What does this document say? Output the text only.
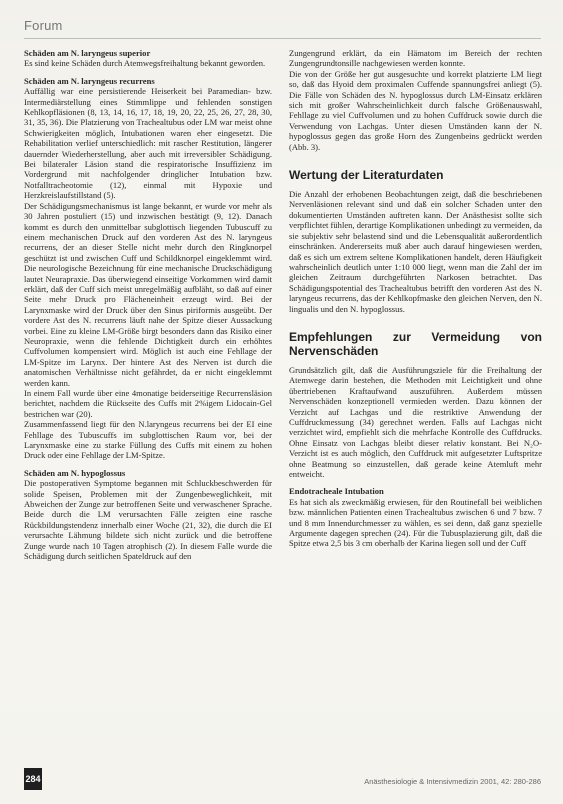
Forum

Schäden am N. laryngeus superior

Es sind keine Schäden durch Atemwegsfreihaltung bekannt geworden.

Schäden am N. laryngeus recurrens

Auffällig war eine persistierende Heiserkeit bei Paramedian- bzw. Intermediärstellung eines Stimmlippe und fehlenden sonstigen Kehlkopfläsionen (8, 13, 14, 16, 17, 18, 19, 20, 22, 25, 26, 27, 28, 30, 31, 35, 36). Die Platzierung von Trachealtubus oder LM war meist ohne Schwierigkeiten möglich, Intubationen waren eher eingesetzt. Die Rehabilitation verlief unterschiedlich: mit rascher Restitution, längerer dauernder Wiederherstellung, aber auch mit irreversibler Schädigung. Bei bilateraler Läsion stand die respiratorische Insuffizienz im Vordergrund mit nachfolgender dringlicher Intubation bzw. Notfalltracheotomie (12), einmal mit Hypoxie und Herzkreislaufstillstand (5).

Der Schädigungsmechanismus ist lange bekannt, er wurde vor mehr als 30 Jahren postuliert (15) und inzwischen bestätigt (9, 12). Danach kommt es durch den unmittelbar subglottisch liegenden Tubuscuff zu einem mechanischen Druck auf den vorderen Ast des N. laryngeus recurrens, der an dieser Stelle nicht mehr durch den Ringknorpel geschützt ist und zwischen Cuff und Schildknorpel eingeklemmt wird. Die neurologische Bezeichnung für eine mechanische Druckschädigung lautet Neurapraxie. Das überwiegend einseitige Vorkommen wird damit erklärt, daß der Cuff sich meist unregelmäßig aufbläht, so daß auf einer Seite mehr Druck pro Flächeneinheit erzeugt wird. Bei der Larynxmaske wird der Druck über den Sinus piriformis ausgeübt. Der vordere Ast des N. recurrens läuft nahe der Spitze dieser Aussackung vorbei. Eine zu kleine LM-Größe birgt besonders dann das Risiko einer Neuropraxie, wenn die fehlende Dichtigkeit durch ein erhöhtes Cuffvolumen kompensiert wird. Möglich ist auch eine Fehllage der LM-Spitze im Larynx. Der hintere Ast des Nerven ist durch die anatomischen Verhältnisse nicht gefährdet, da er nicht eingeklemmt werden kann.

In einem Fall wurde über eine 4monatige beiderseitige Recurrensläsion berichtet, nachdem die Rückseite des Cuffs mit 2%igem Lidocain-Gel bestrichen war (20).

Zusammenfassend liegt für den N.laryngeus recurrens bei der EI eine Fehllage des Tubuscuffs im subglottischen Raum vor, bei der Larynxmaske eine zu starke Füllung des Cuffs mit einem zu hohen Druck oder eine Fehllage der LM-Spitze.

Schäden am N. hypoglossus

Die postoperativen Symptome begannen mit Schluckbeschwerden für solide Speisen, Problemen mit der Zungenbeweglichkeit, mit Abweichen der Zunge zur betroffenen Seite und verwaschener Sprache. Beide durch die LM verursachten Fälle zeigten eine rasche Rückbildungstendenz innerhalb einer Woche (21, 32), die durch die EI verursachte Lähmung bildete sich nicht zurück und die betroffene Zunge wurde nach 10 Tagen atrophisch (2). In diesem Falle wurde die Schädigung durch seitlichen Spateldruck auf den

Zungengrund erklärt, da ein Hämatom im Bereich der rechten Zungengrundtonsille nachgewiesen werden konnte.

Die von der Größe her gut ausgesuchte und korrekt platzierte LM liegt so, daß das Hyoid dem proximalen Cuffende spannungsfrei anliegt (5). Die Fälle von Schäden des N. hypoglossus durch LM-Einsatz erklären sich mit großer Wahrscheinlichkeit durch falsche Größenauswahl, Fehllage zu viel Cuffvolumen und zu hohen Cuffdruck sowie durch die Verwendung von Lachgas. Unter diesen Umständen kann der N. hypoglossus gegen das große Horn des Zungenbeins gedrückt werden (Abb. 3).

Wertung der Literaturdaten

Die Anzahl der erhobenen Beobachtungen zeigt, daß die beschriebenen Nervenläsionen relevant sind und daß ein solcher Schaden unter den dokumentierten Umständen auftreten kann. Der Anästhesist sollte sich verpflichtet fühlen, derartige Komplikationen unbedingt zu vermeiden, da sie subjektiv sehr belastend sind und die Lebensqualität außerordentlich einschränken. Andererseits muß aber auch darauf hingewiesen werden, daß es sich um extrem seltene Komplikationen handelt, deren Häufigkeit wahrscheinlich deutlich unter 1:10 000 liegt, wenn man die Zahl der im gleichen Zeitraum durchgeführten Narkosen betrachtet. Das Schädigungspotential des Trachealtubus betrifft den vorderen Ast des N. laryngeus recurrens, das der Kehlkopfmaske den gleichen Nerven, den N. lingualis und den N. hypoglossus.

Empfehlungen zur Vermeidung von Nervenschäden

Grundsätzlich gilt, daß die Ausführungsziele für die Freihaltung der Atemwege darin bestehen, die Methoden mit Leichtigkeit und ohne übertriebenen Kraftaufwand auszuführen. Außerdem müssen Nervenschäden konzeptionell vermieden werden. Dazu können der Verzicht auf Lachgas und die restriktive Anwendung der Cuffdruckmessung (34) gerechnet werden. Falls auf Lachgas nicht verzichtet wird, empfiehlt sich die mehrfache Kontrolle des Cuffdrucks. Ohne Einsatz von Lachgas bleibt dieser relativ konstant. Bei N₂O-Verzicht ist es auch möglich, den Cuffdruck mit aufgesetzter Luftspritze ohne Beatmung so einzustellen, daß gerade keine Atemluft mehr entweicht.

Endotracheale Intubation

Es hat sich als zweckmäßig erwiesen, für den Routinefall bei weiblichen bzw. männlichen Patienten einen Trachealtubus zwischen 6 und 7 bzw. 7 und 8 mm Innendurchmesser zu wählen, es sei denn, daß ganz spezielle Argumente dagegen sprechen (24). Für die Tubusplazierung gilt, daß die Spitze etwa 2,5 bis 3 cm oberhalb der Karina liegen soll und der Cuff

284	Anästhesiologie & Intensivmedizin 2001, 42: 280-286
